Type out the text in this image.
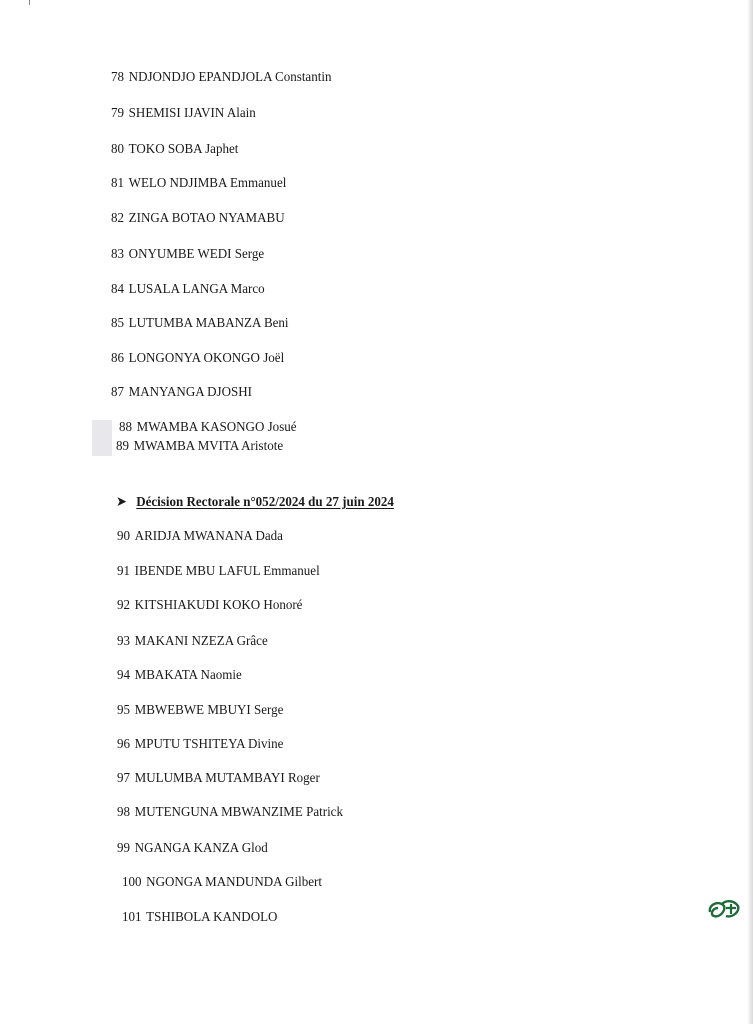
78 NDJONDJO EPANDJOLA Constantin
79 SHEMISI IJAVIN Alain
80 TOKO SOBA Japhet
81 WELO NDJIMBA Emmanuel
82 ZINGA BOTAO NYAMABU
83 ONYUMBE WEDI Serge
84 LUSALA LANGA Marco
85 LUTUMBA MABANZA Beni
86 LONGONYA OKONGO Joël
87 MANYANGA DJOSHI
88 MWAMBA KASONGO Josué
89 MWAMBA MVITA Aristote
➤ Décision Rectorale n°052/2024 du 27 juin 2024
90 ARIDJA MWANANA Dada
91 IBENDE MBU LAFUL Emmanuel
92 KITSHIAKUDI KOKO Honoré
93 MAKANI NZEZA Grâce
94 MBAKATA Naomie
95 MBWEBWE MBUYI Serge
96 MPUTU TSHITEYA Divine
97 MULUMBA MUTAMBAYI Roger
98 MUTENGUNA MBWANZIME Patrick
99 NGANGA KANZA Glod
100 NGONGA MANDUNDA Gilbert
101 TSHIBOLA KANDOLO
